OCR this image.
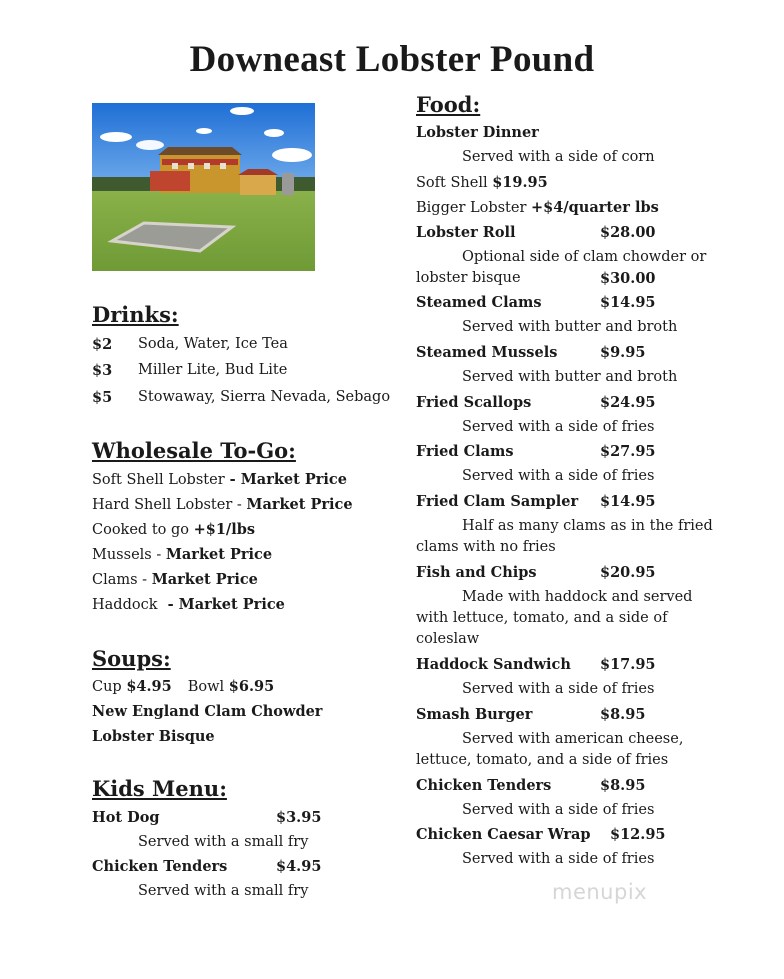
Downeast Lobster Pound
Drinks:
$2 Soda, Water, Ice Tea
$3 Miller Lite, Bud Lite
$5 Stowaway, Sierra Nevada, Sebago
Wholesale To-Go:
Soft Shell Lobster - Market Price
Hard Shell Lobster - Market Price
Cooked to go +$1/lbs
Mussels - Market Price
Clams - Market Price
Haddock  - Market Price
Soups:
Cup $4.95 Bowl $6.95
New England Clam Chowder
Lobster Bisque
Kids Menu:
Hot Dog	$3.95
Served with a small fry
Chicken Tenders	$4.95
Served with a small fry
Food:
Lobster Dinner
Served with a side of corn
Soft Shell $19.95
Bigger Lobster +$4/quarter lbs
Lobster Roll	$28.00
Optional side of clam chowder or
lobster bisque	$30.00
Steamed Clams	$14.95
Served with butter and broth
Steamed Mussels	$9.95
Served with butter and broth
Fried Scallops	$24.95
Served with a side of fries
Fried Clams	$27.95
Served with a side of fries
Fried Clam Sampler $14.95
Half as many clams as in the fried
clams with no fries
Fish and Chips	$20.95
Made with haddock and served
with lettuce, tomato, and a side of
coleslaw
Haddock Sandwich $17.95
Served with a side of fries
Smash Burger	$8.95
Served with american cheese,
lettuce, tomato, and a side of fries
Chicken Tenders	$8.95
Served with a side of fries
Chicken Caesar Wrap $12.95
Served with a side of fries
menupix
